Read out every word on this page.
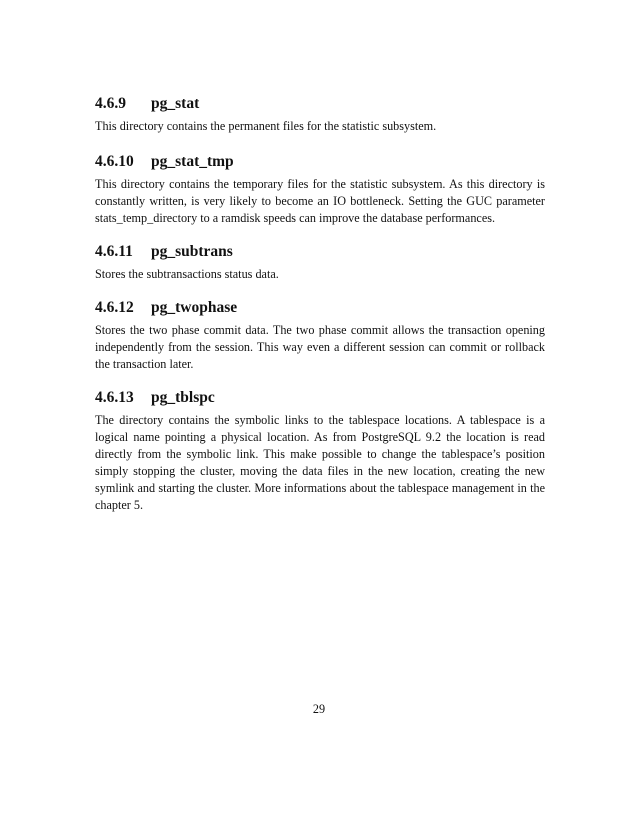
4.6.9	pg_stat

This directory contains the permanent files for the statistic subsystem.

4.6.10	pg_stat_tmp

This directory contains the temporary files for the statistic subsystem. As this directory is constantly written, is very likely to become an IO bottleneck. Setting the GUC parameter stats_temp_directory to a ramdisk speeds can improve the database performances.

4.6.11	pg_subtrans

Stores the subtransactions status data.

4.6.12	pg_twophase

Stores the two phase commit data. The two phase commit allows the transaction opening independently from the session. This way even a different session can commit or rollback the transaction later.

4.6.13	pg_tblspc

The directory contains the symbolic links to the tablespace locations. A tablespace is a logical name pointing a physical location. As from PostgreSQL 9.2 the location is read directly from the symbolic link. This make possible to change the tablespace’s position simply stopping the cluster, moving the data files in the new location, creating the new symlink and starting the cluster. More informations about the tablespace management in the chapter 5.

29
